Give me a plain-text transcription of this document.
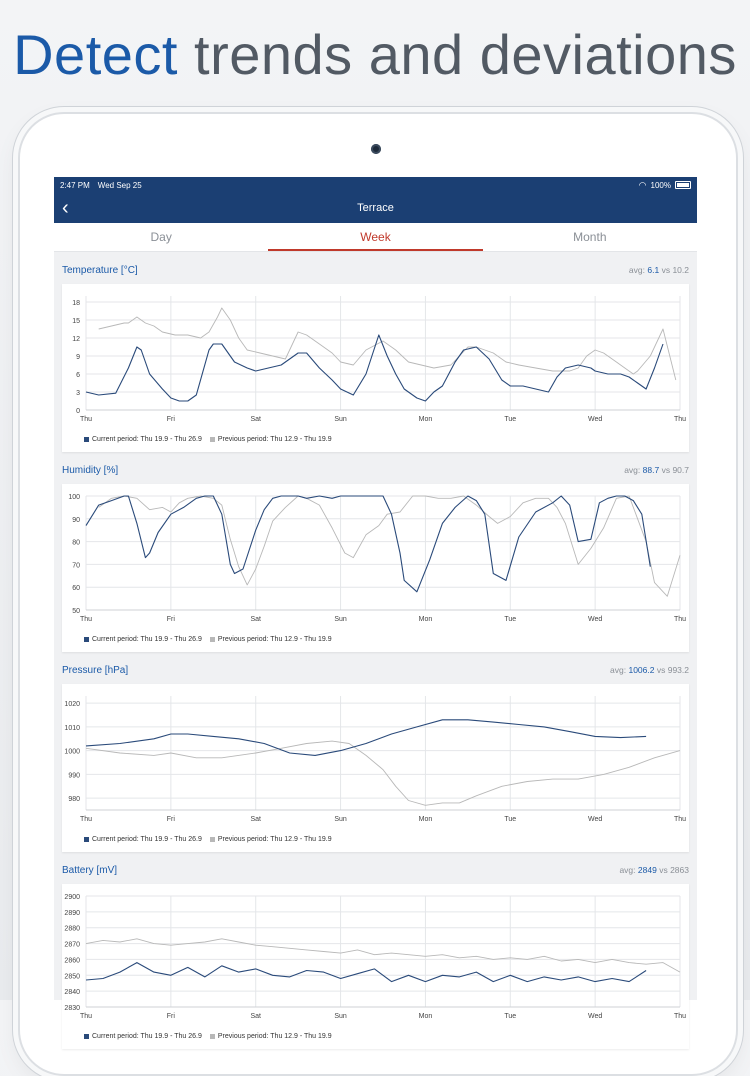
Detect trends and deviations
2:47 PM Wed Sep 25	◠ 100%
‹	Terrace
Day	Week	Month
Temperature [°C]	avg: 6.1 vs 10.2
0
3
6
9
12
15
18
Thu	Fri	Sat	Sun	Mon	Tue	Wed	Thu
Current period: Thu 19.9 - Thu 26.9	Previous period: Thu 12.9 - Thu 19.9
Humidity [%]	avg: 88.7 vs 90.7
50
60
70
80
90
100
Thu	Fri	Sat	Sun	Mon	Tue	Wed	Thu
Current period: Thu 19.9 - Thu 26.9	Previous period: Thu 12.9 - Thu 19.9
Pressure [hPa]	avg: 1006.2 vs 993.2
980
990
1000
1010
1020
Thu	Fri	Sat	Sun	Mon	Tue	Wed	Thu
Current period: Thu 19.9 - Thu 26.9	Previous period: Thu 12.9 - Thu 19.9
Battery [mV]	avg: 2849 vs 2863
2830
2840
2850
2860
2870
2880
2890
2900
Thu	Fri	Sat	Sun	Mon	Tue	Wed	Thu
Current period: Thu 19.9 - Thu 26.9	Previous period: Thu 12.9 - Thu 19.9
